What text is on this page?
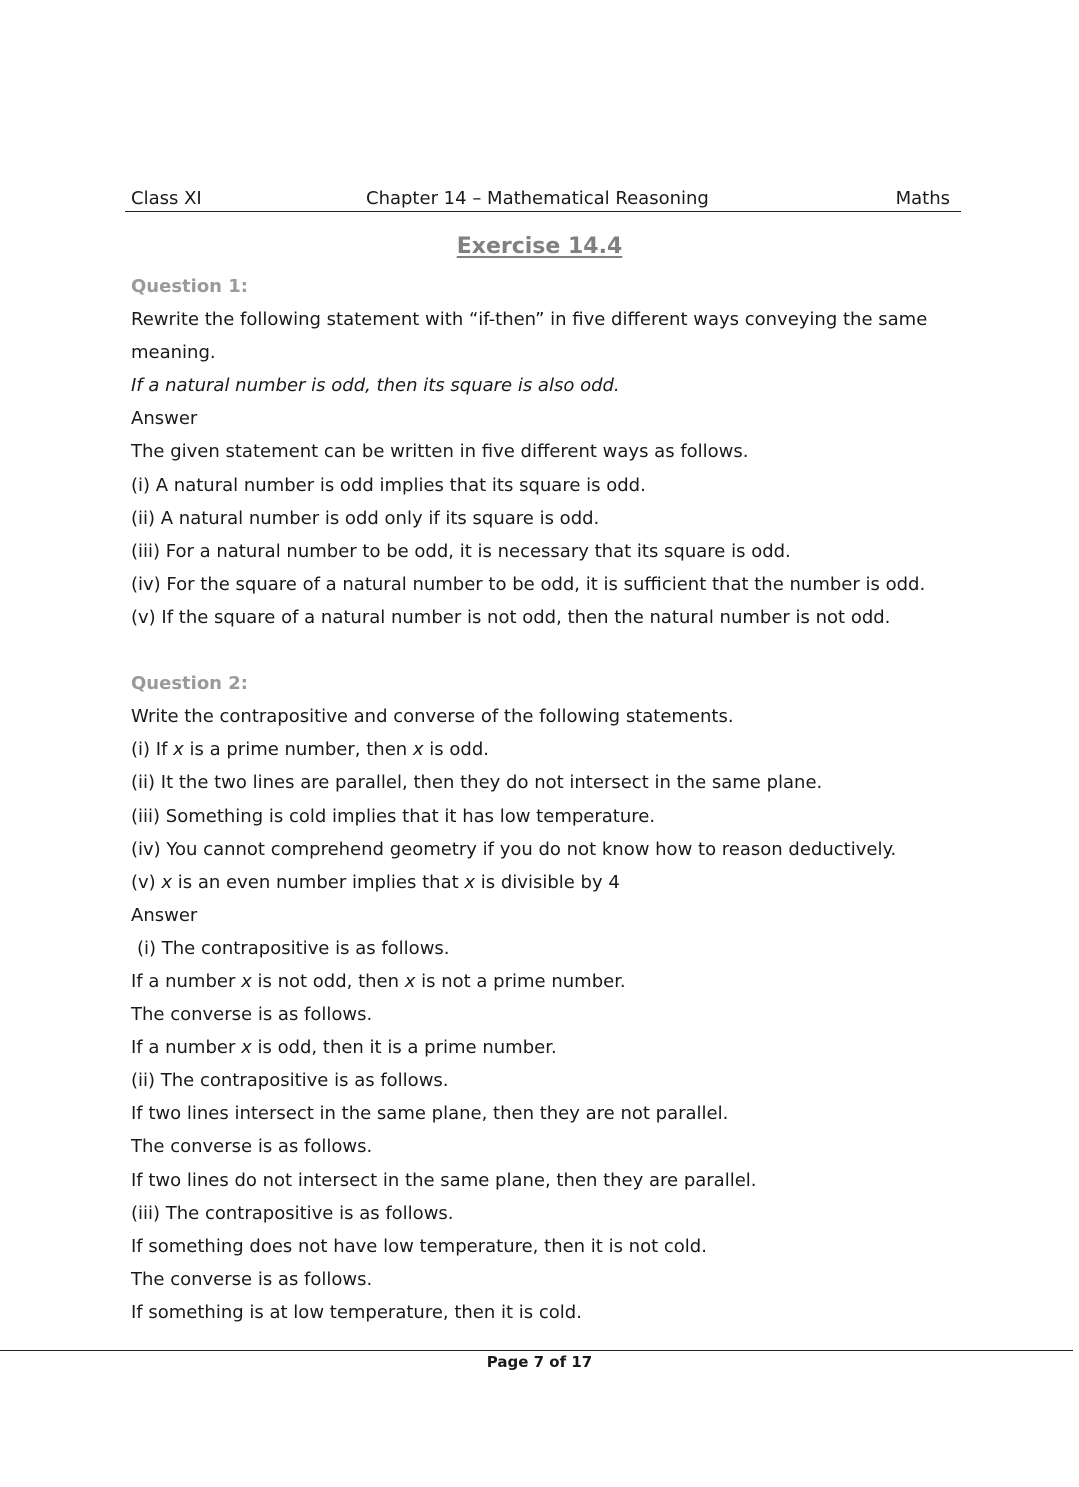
Class XI	Chapter 14 – Mathematical Reasoning	Maths
Exercise 14.4
Question 1:
Rewrite the following statement with “if-then” in five different ways conveying the same
meaning.
If a natural number is odd, then its square is also odd.
Answer
The given statement can be written in five different ways as follows.
(i) A natural number is odd implies that its square is odd.
(ii) A natural number is odd only if its square is odd.
(iii) For a natural number to be odd, it is necessary that its square is odd.
(iv) For the square of a natural number to be odd, it is sufficient that the number is odd.
(v) If the square of a natural number is not odd, then the natural number is not odd.
Question 2:
Write the contrapositive and converse of the following statements.
(i) If x is a prime number, then x is odd.
(ii) It the two lines are parallel, then they do not intersect in the same plane.
(iii) Something is cold implies that it has low temperature.
(iv) You cannot comprehend geometry if you do not know how to reason deductively.
(v) x is an even number implies that x is divisible by 4
Answer
(i) The contrapositive is as follows.
If a number x is not odd, then x is not a prime number.
The converse is as follows.
If a number x is odd, then it is a prime number.
(ii) The contrapositive is as follows.
If two lines intersect in the same plane, then they are not parallel.
The converse is as follows.
If two lines do not intersect in the same plane, then they are parallel.
(iii) The contrapositive is as follows.
If something does not have low temperature, then it is not cold.
The converse is as follows.
If something is at low temperature, then it is cold.
Page 7 of 17
